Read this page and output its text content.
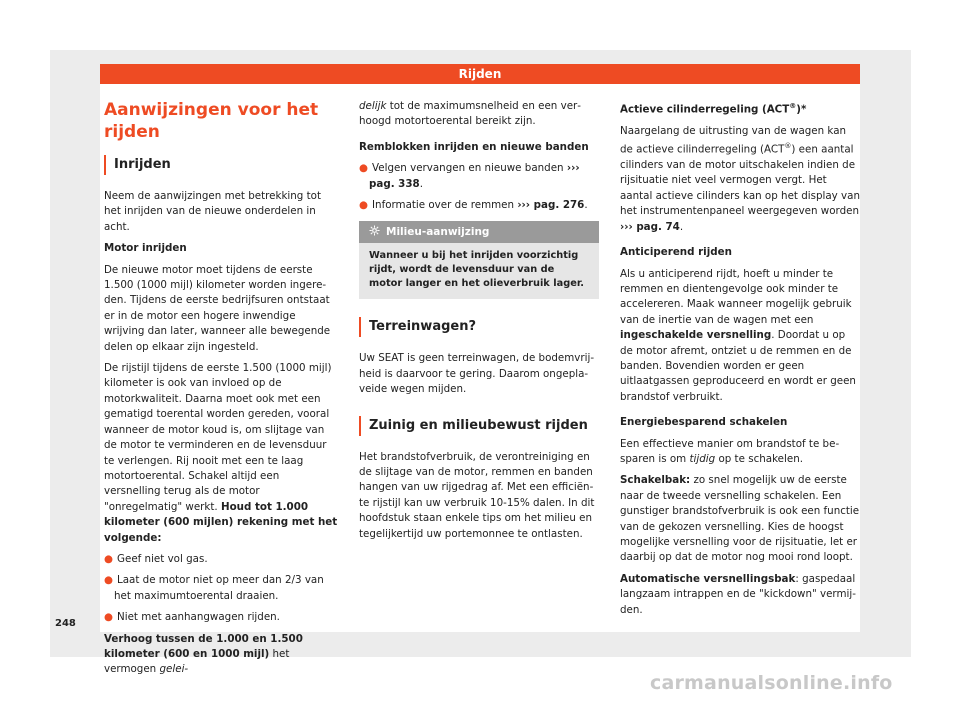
Rijden
Aanwijzingen voor het rijden
Inrijden

Neem de aanwijzingen met betrekking tot het inrijden van de nieuwe onderdelen in acht.

Motor inrijden

De nieuwe motor moet tijdens de eerste 1.500 (1000 mijl) kilometer worden ingereden. Tijdens de eerste bedrijfsuren ontstaat er in de motor een hogere inwendige wrijving dan later, wanneer alle bewegende delen op elkaar zijn ingesteld.

De rijstijl tijdens de eerste 1.500 (1000 mijl) kilometer is ook van invloed op de motorkwaliteit. Daarna moet ook met een gematigd toerental worden gereden, vooral wanneer de motor koud is, om slijtage van de motor te verminderen en de levensduur te verlengen. Rij nooit met een te laag motortoerental. Schakel altijd een versnelling terug als de motor "onregelmatig" werkt. Houd tot 1.000 kilometer (600 mijlen) rekening met het volgende:

● Geef niet vol gas.

● Laat de motor niet op meer dan 2/3 van het maximumtoerental draaien.

● Niet met aanhangwagen rijden.

Verhoog tussen de 1.000 en 1.500 kilometer (600 en 1000 mijl) het vermogen gelei-

delijk tot de maximumsnelheid en een verhoogd motortoerental bereikt zijn.

Remblokken inrijden en nieuwe banden

● Velgen vervangen en nieuwe banden ››› pag. 338.

● Informatie over de remmen ››› pag. 276.

Milieu-aanwijzing
Wanneer u bij het inrijden voorzichtig rijdt, wordt de levensduur van de motor langer en het olieverbruik lager.
Terreinwagen?

Uw SEAT is geen terreinwagen, de bodemvrijheid is daarvoor te gering. Daarom ongeplaveide wegen mijden.

Zuinig en milieubewust rijden

Het brandstofverbruik, de verontreiniging en de slijtage van de motor, remmen en banden hangen van uw rijgedrag af. Met een efficiënte rijstijl kan uw verbruik 10-15% dalen. In dit hoofdstuk staan enkele tips om het milieu en tegelijkertijd uw portemonnee te ontlasten.

Actieve cilinderregeling (ACT®)*

Naargelang de uitrusting van de wagen kan de actieve cilinderregeling (ACT®) een aantal cilinders van de motor uitschakelen indien de rijsituatie niet veel vermogen vergt. Het aantal actieve cilinders kan op het display van het instrumentenpaneel weergegeven worden ››› pag. 74.

Anticiperend rijden

Als u anticiperend rijdt, hoeft u minder te remmen en dientengevolge ook minder te accelereren. Maak wanneer mogelijk gebruik van de inertie van de wagen met een ingeschakelde versnelling. Doordat u op de motor afremt, ontziet u de remmen en de banden. Bovendien worden er geen uitlaatgassen geproduceerd en wordt er geen brandstof verbruikt.

Energiebesparend schakelen

Een effectieve manier om brandstof te besparen is om tijdig op te schakelen.

Schakelbak: zo snel mogelijk uw de eerste naar de tweede versnelling schakelen. Een gunstiger brandstofverbruik is ook een functie van de gekozen versnelling. Kies de hoogst mogelijke versnelling voor de rijsituatie, let er daarbij op dat de motor nog mooi rond loopt.

Automatische versnellingsbak: gaspedaal langzaam intrappen en de "kickdown" vermijden.

248
carmanualsonline.info
